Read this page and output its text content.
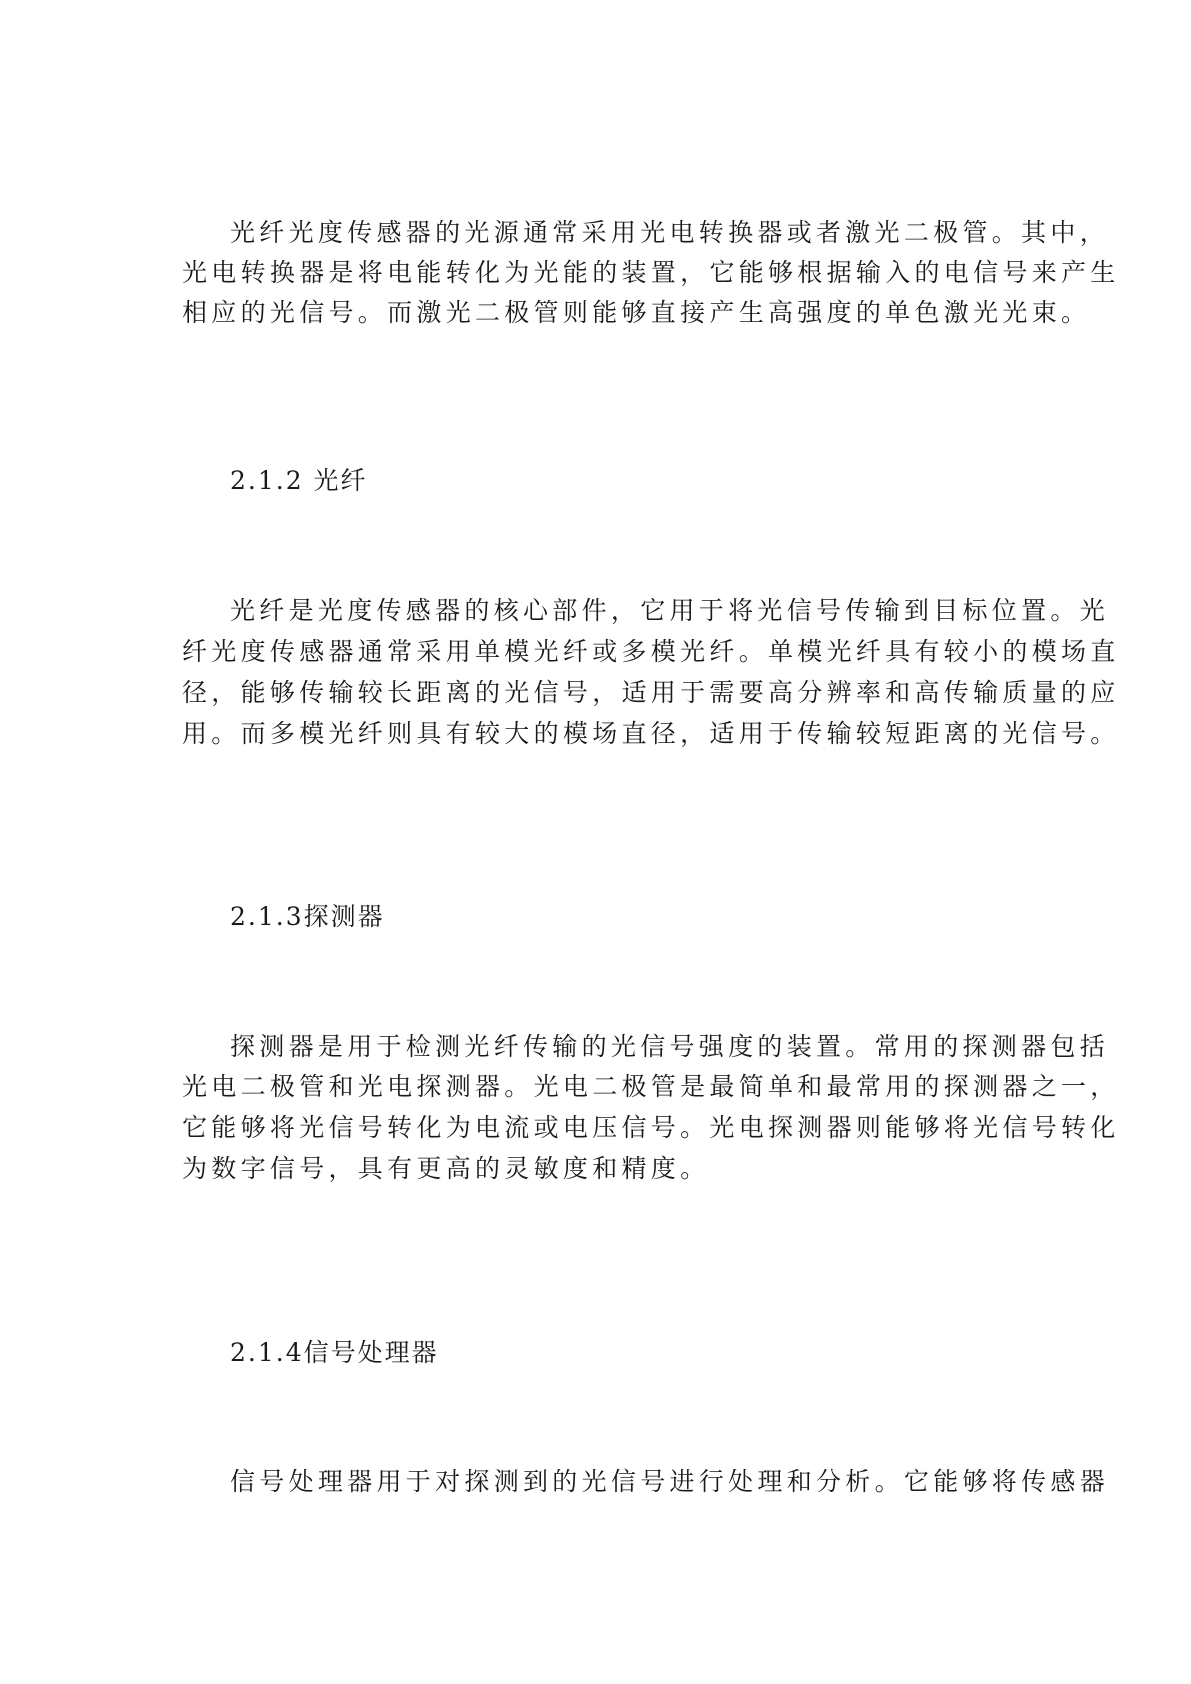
光纤光度传感器的光源通常采用光电转换器或者激光二极管。其中，
光电转换器是将电能转化为光能的装置，它能够根据输入的电信号来产生
相应的光信号。而激光二极管则能够直接产生高强度的单色激光光束。
2.1.2 光纤
光纤是光度传感器的核心部件，它用于将光信号传输到目标位置。光
纤光度传感器通常采用单模光纤或多模光纤。单模光纤具有较小的模场直
径，能够传输较长距离的光信号，适用于需要高分辨率和高传输质量的应
用。而多模光纤则具有较大的模场直径，适用于传输较短距离的光信号。
2.1.3探测器
探测器是用于检测光纤传输的光信号强度的装置。常用的探测器包括
光电二极管和光电探测器。光电二极管是最简单和最常用的探测器之一，
它能够将光信号转化为电流或电压信号。光电探测器则能够将光信号转化
为数字信号，具有更高的灵敏度和精度。
2.1.4信号处理器
信号处理器用于对探测到的光信号进行处理和分析。它能够将传感器
